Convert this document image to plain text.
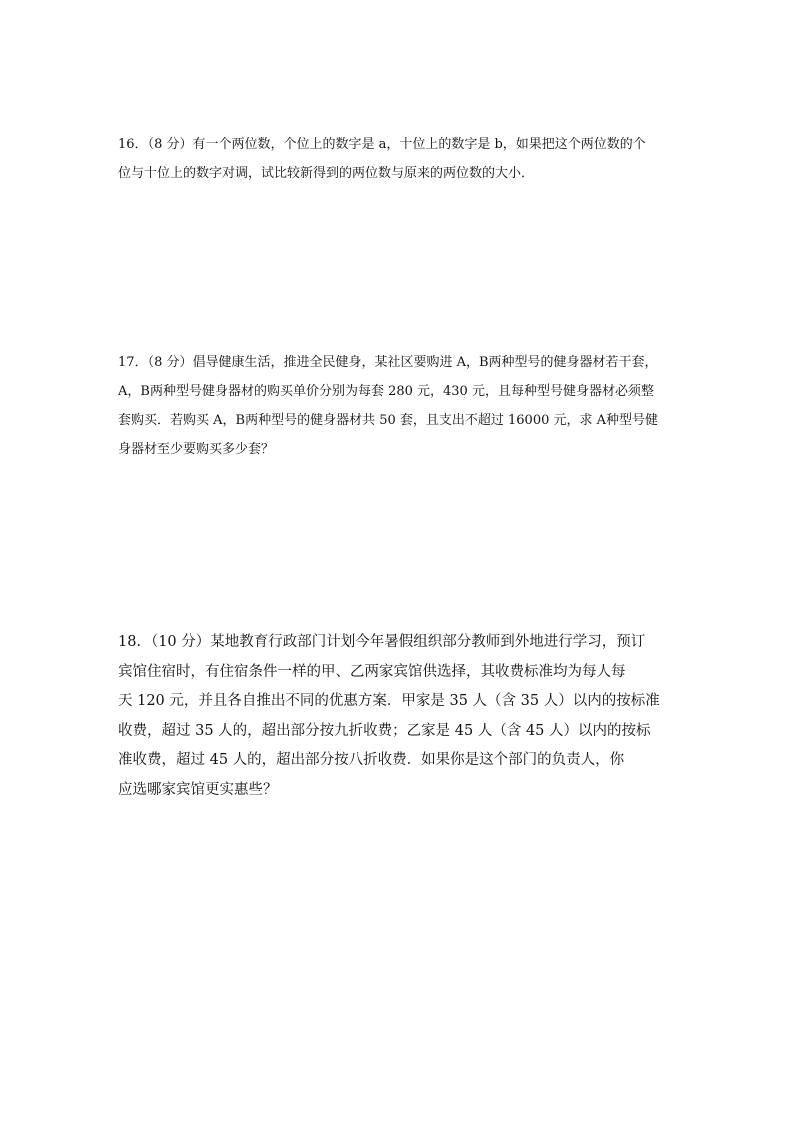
16．（8 分）有一个两位数，个位上的数字是 a，十位上的数字是 b，如果把这个两位数的个
位与十位上的数字对调，试比较新得到的两位数与原来的两位数的大小．
17．（8 分）倡导健康生活，推进全民健身，某社区要购进 A，B两种型号的健身器材若干套，
A，B两种型号健身器材的购买单价分别为每套 280 元，430 元，且每种型号健身器材必须整
套购买．若购买 A，B两种型号的健身器材共 50 套，且支出不超过 16000 元，求 A种型号健
身器材至少要购买多少套？
18．（10 分）某地教育行政部门计划今年暑假组织部分教师到外地进行学习，预订
宾馆住宿时，有住宿条件一样的甲、乙两家宾馆供选择，其收费标准均为每人每
天 120 元，并且各自推出不同的优惠方案．甲家是 35 人（含 35 人）以内的按标准
收费，超过 35 人的，超出部分按九折收费；乙家是 45 人（含 45 人）以内的按标
准收费，超过 45 人的，超出部分按八折收费．如果你是这个部门的负责人，你
应选哪家宾馆更实惠些？
